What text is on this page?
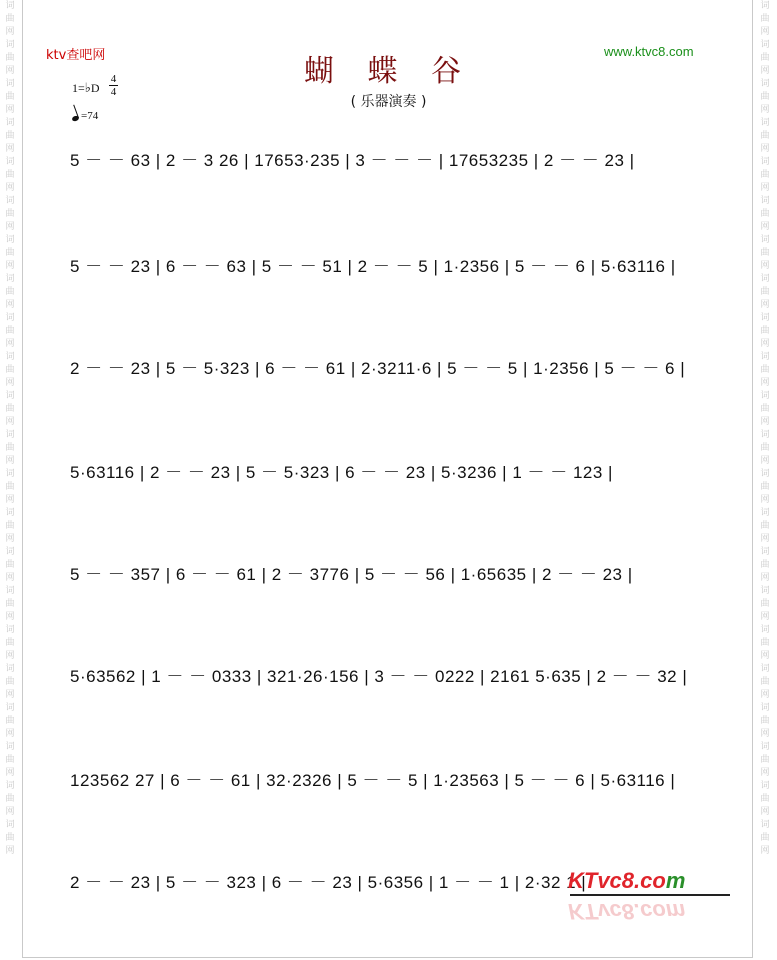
词曲网词曲网词曲网词曲网词曲网词曲网词曲网词曲网词曲网词曲网词曲网词曲网词曲网词曲网词曲网词曲网词曲网词曲网词曲网词曲网词曲网词曲网
词曲网词曲网词曲网词曲网词曲网词曲网词曲网词曲网词曲网词曲网词曲网词曲网词曲网词曲网词曲网词曲网词曲网词曲网词曲网词曲网词曲网词曲网
ktv查吧网	www.ktvc8.com
蝴 蝶 谷
( 乐器演奏 )
1=♭D
4
4
=74
5 － － 63 | 2 － 3 26 | 17653·235 | 3 － － － | 17653235 | 2 － － 23 |
5 － － 23 | 6 － － 63 | 5 － － 51 | 2 － － 5 | 1·2356 | 5 － － 6 | 5·63116 |
2 － － 23 | 5 － 5·323 | 6 － － 61 | 2·3211·6 | 5 － － 5 | 1·2356 | 5 － － 6 |
5·63116 | 2 － － 23 | 5 － 5·323 | 6 － － 23 | 5·3236 | 1 － － 123 |
5 － － 357 | 6 － － 61 | 2 － 3776 | 5 － － 56 | 1·65635 | 2 － － 23 |
5·63562 | 1 － － 0333 | 321·26·156 | 3 － － 0222 | 2161 5·635 | 2 － － 32 |
123562 27 | 6 － － 61 | 32·2326 | 5 － － 5 | 1·23563 | 5 － － 6 | 5·63116 |
2 － － 23 | 5 － － 323 | 6 － － 23 | 5·6356 | 1 － － 1 | 2·32 1 |
KTvc8.com
KTvc8.com
